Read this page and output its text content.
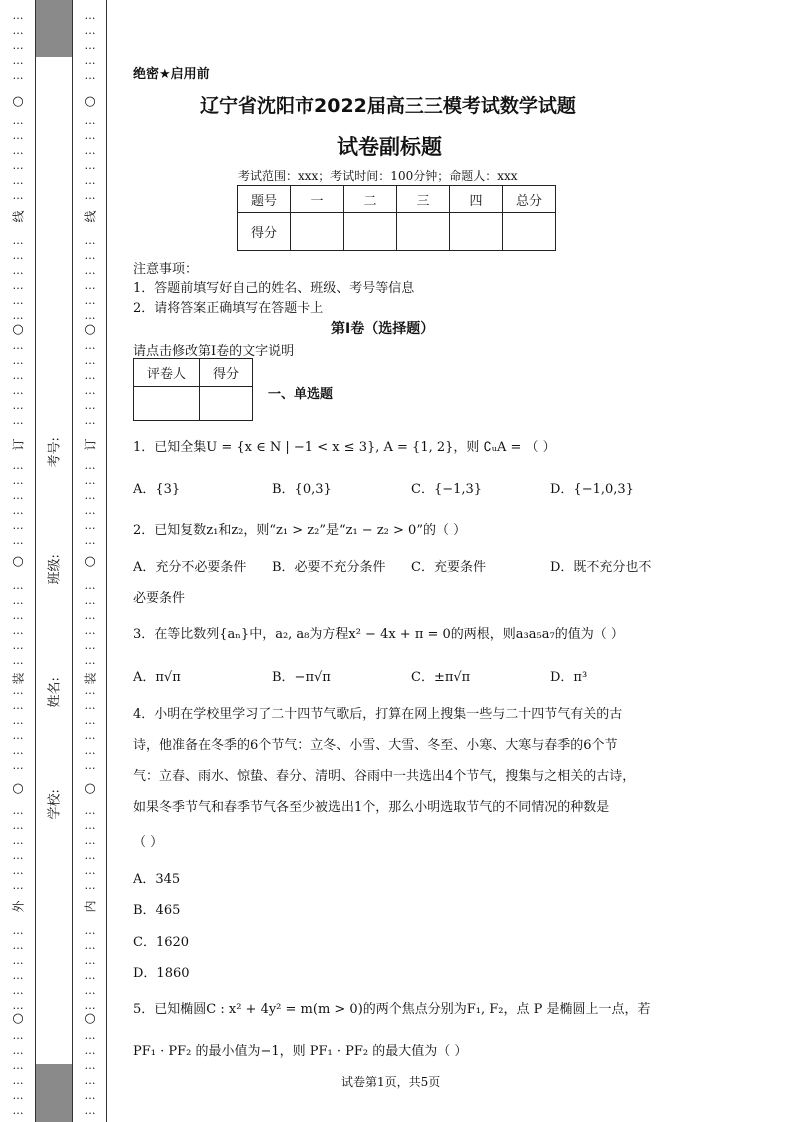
…
…
…
…
…
…
…
…
…
…
…
…
…
…
…
…
…
…
…
…
…
…
…
…
…
…
…
…
…
…
…
…
…
…
…
…
…
…
…
…
…
…
…
…
…
…
…
…
…
…
…
…
…
…
…
…
…
…
…
○
○
○
○
○
…
…
…
…
…
…
…
…
…
…
…
…
…
…
…
…
…
…
…
…
…
…
…
…
…
…
…
…
…
…
…
…
…
…
…
…
…
…
…
…
…
…
…
…
…
…
…
…
…
…
…
…
…
…
…
…
…
…
…
○
○
○
○
○
线
订
装
外
线
订
装
内
考号:
班级:
姓名:
学校:
绝密★启用前
辽宁省沈阳市2022届高三三模考试数学试题
试卷副标题
考试范围：xxx；考试时间：100分钟；命题人：xxx
题号	一	二	三	四	总分
得分					
注意事项：
1．答题前填写好自己的姓名、班级、考号等信息
2．请将答案正确填写在答题卡上
第I卷（选择题）
请点击修改第I卷的文字说明
评卷人	得分

一、单选题
1．已知全集U = {x ∈ N | −1 < x ≤ 3}, A = {1, 2}，则 ∁ᵤA = （ ）
A．{3}	B．{0,3}	C．{−1,3}	D．{−1,0,3}
2．已知复数z₁和z₂，则“z₁ > z₂”是“z₁ − z₂ > 0”的（ ）
A．充分不必要条件 B．必要不充分条件 C．充要条件	D．既不充分也不
必要条件
3．在等比数列{aₙ}中，a₂, a₈为方程x² − 4x + π = 0的两根，则a₃a₅a₇的值为（ ）
A．π√π	B．−π√π	C．±π√π	D．π³
4．小明在学校里学习了二十四节气歌后，打算在网上搜集一些与二十四节气有关的古
诗，他准备在冬季的6个节气：立冬、小雪、大雪、冬至、小寒、大寒与春季的6个节
气：立春、雨水、惊蛰、春分、清明、谷雨中一共选出4个节气，搜集与之相关的古诗，
如果冬季节气和春季节气各至少被选出1个，那么小明选取节气的不同情况的种数是
（ ）
A．345
B．465
C．1620
D．1860
5．已知椭圆C : x² + 4y² = m(m > 0)的两个焦点分别为F₁, F₂，点 P 是椭圆上一点，若
PF₁ · PF₂ 的最小值为−1，则 PF₁ · PF₂ 的最大值为（ ）
试卷第1页，共5页
